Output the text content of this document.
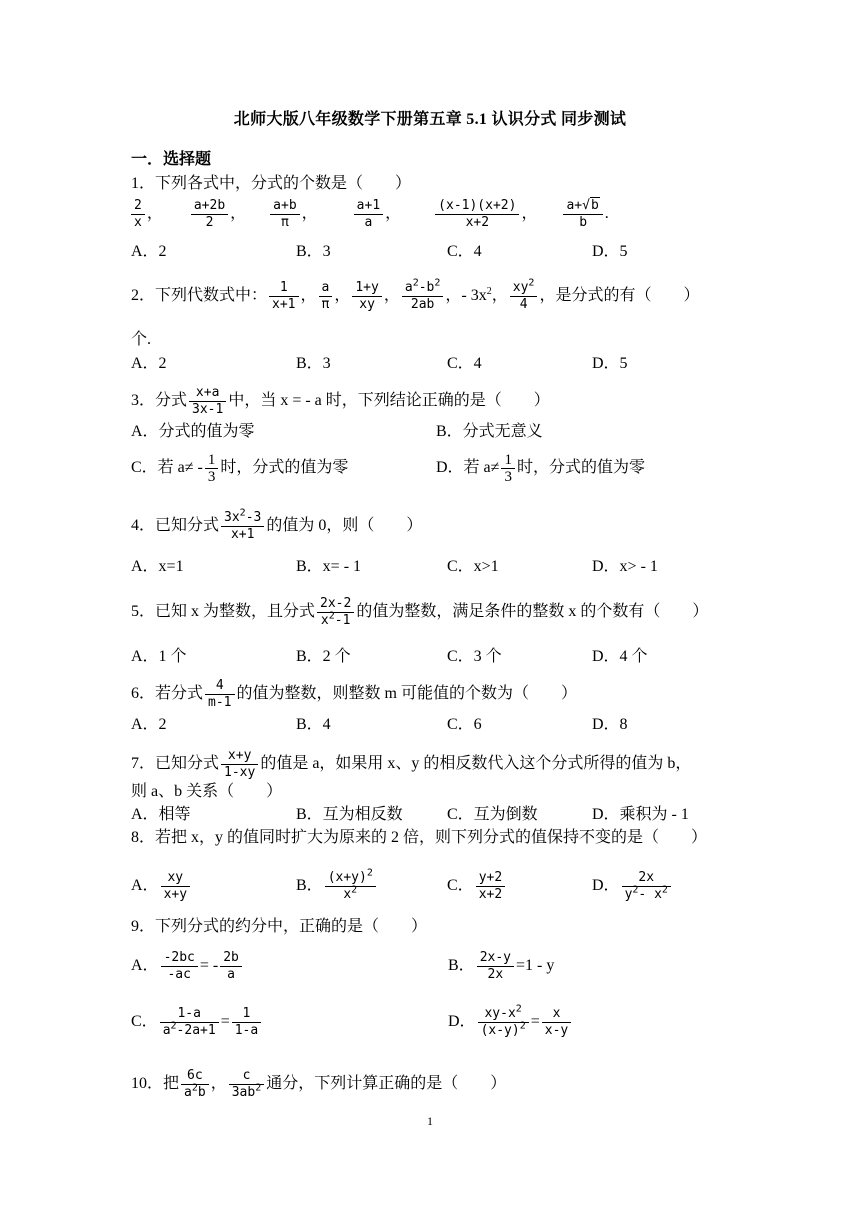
北师大版八年级数学下册第五章 5.1 认识分式 同步测试
一．选择题
1．下列各式中，分式的个数是（　　）
$\frac{2}{x}$ ， $\frac{a+2b}{2}$ ， $\frac{a+b}{\pi}$ ，	$\frac{a+1}{a}$ ，	$\frac{(x-1)(x+2)}{x+2}$ ， $\frac{a+√b}{b}$ .
A．2	B．3	C．4	D．5
2．下列代数式中： $\frac{1}{x+1}$ ， $\frac{a}{\pi}$ ， $\frac{1+y}{xy}$ ， $\frac{a^2-b^2}{2ab}$ ，- $3x^2$， $\frac{xy^2}{4}$ ，是分式的有（　　）
个.
A．2	B．3	C．4	D．5
3．分式 $\frac{x+a}{3x-1}$ 中，当 x = - a 时，下列结论正确的是（　　）
A．分式的值为零	B．分式无意义
C．若 $a\ne - \frac{1}{3}$ 时，分式的值为零	D．若 $a\ne \frac{1}{3}$ 时，分式的值为零
4．已知分式 $\frac{3x^2-3}{x+1}$ 的值为 0，则（　　）
A．x=1	B．x= - 1	C．x>1	D．x> - 1
5．已知 x 为整数，且分式 $\frac{2x-2}{x^2-1}$ 的值为整数，满足条件的整数 x 的个数有（　　）
A．1 个	B．2 个	C．3 个	D．4 个
6．若分式 $\frac{4}{m-1}$ 的值为整数，则整数 m 可能值的个数为（　　）
A．2	B．4	C．6	D．8
7．已知分式 $\frac{x+y}{1-xy}$ 的值是 a，如果用 x、y 的相反数代入这个分式所得的值为 b，
则 a、b 关系（　　）
A．相等	B．互为相反数	C．互为倒数	D．乘积为 - 1
8．若把 x，y 的值同时扩大为原来的 2 倍，则下列分式的值保持不变的是（　　）
A． $\frac{xy}{x+y}$	B． $\frac{(x+y)^2}{x^2}$	C． $\frac{y+2}{x+2}$	D． $\frac{2x}{y^2- x^2}$
9．下列分式的约分中，正确的是（　　）
A． $\frac{-2bc}{-ac}$ = - $\frac{2b}{a}$	B． $\frac{2x-y}{2x} =1 - y$
C． $\frac{1-a}{a^2-2a+1} = \frac{1}{1-a}$	D． $\frac{xy-x^2}{(x-y)^2} = \frac{x}{x-y}$
10．把 $\frac{6c}{a^2b}$ ， $\frac{c}{3ab^2}$ 通分，下列计算正确的是（　　）
1
